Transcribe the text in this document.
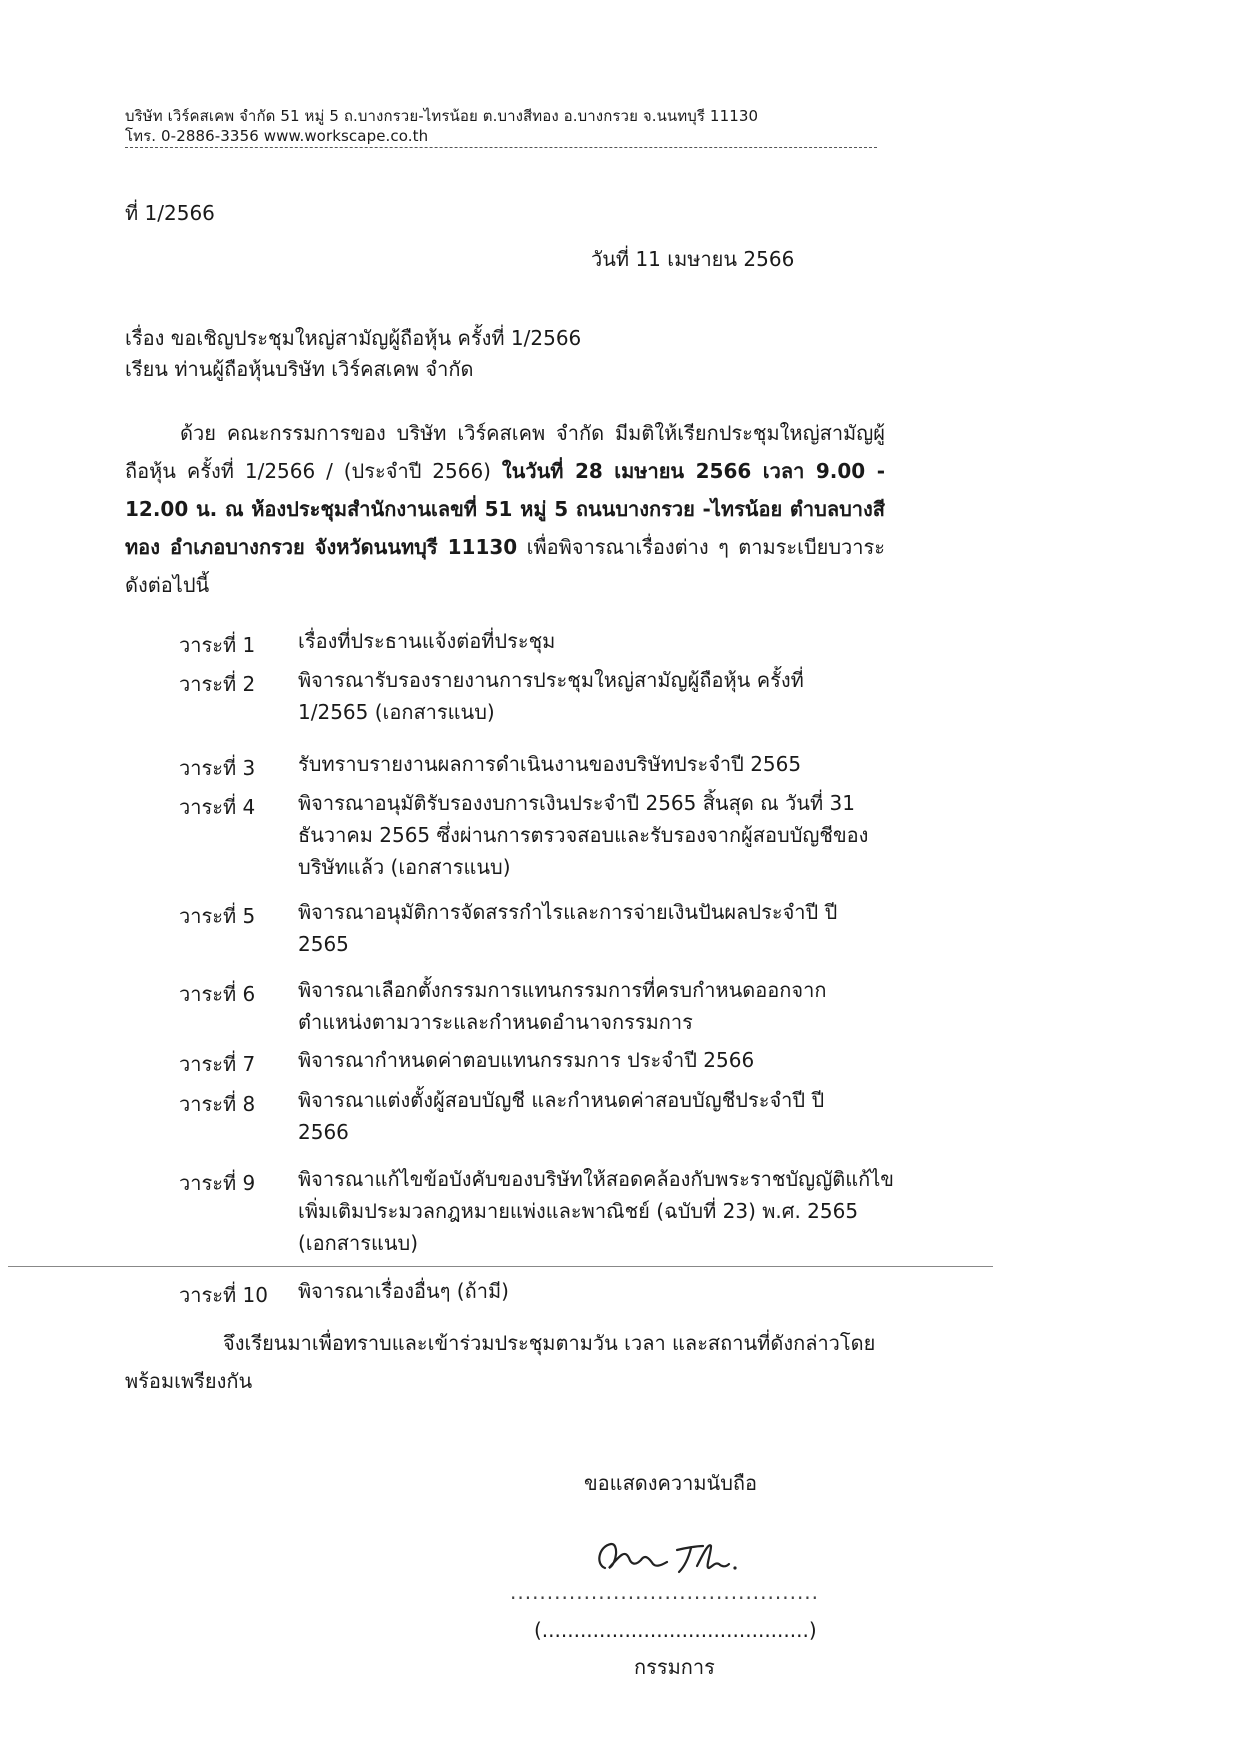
บริษัท เวิร์คสเคพ จำกัด 51 หมู่ 5 ถ.บางกรวย-ไทรน้อย ต.บางสีทอง อ.บางกรวย จ.นนทบุรี 11130
โทร. 0-2886-3356 www.workscape.co.th
ที่ 1/2566
วันที่ 11 เมษายน 2566
เรื่อง ขอเชิญประชุมใหญ่สามัญผู้ถือหุ้น ครั้งที่ 1/2566
เรียน ท่านผู้ถือหุ้นบริษัท เวิร์คสเคพ จำกัด
ด้วย คณะกรรมการของ บริษัท เวิร์คสเคพ จำกัด มีมติให้เรียกประชุมใหญ่สามัญผู้ถือหุ้น ครั้งที่ 1/2566 / (ประจำปี 2566) ในวันที่ 28 เมษายน 2566 เวลา 9.00 - 12.00 น. ณ ห้องประชุมสำนักงานเลขที่ 51 หมู่ 5 ถนนบางกรวย -ไทรน้อย ตำบลบางสีทอง อำเภอบางกรวย จังหวัดนนทบุรี 11130 เพื่อพิจารณาเรื่องต่าง ๆ ตามระเบียบวาระดังต่อไปนี้
วาระที่ 1 เรื่องที่ประธานแจ้งต่อที่ประชุม
วาระที่ 2 พิจารณารับรองรายงานการประชุมใหญ่สามัญผู้ถือหุ้น ครั้งที่ 1/2565 (เอกสารแนบ)
วาระที่ 3 รับทราบรายงานผลการดำเนินงานของบริษัทประจำปี 2565
วาระที่ 4 พิจารณาอนุมัติรับรองงบการเงินประจำปี 2565 สิ้นสุด ณ วันที่ 31 ธันวาคม 2565 ซึ่งผ่านการตรวจสอบและรับรองจากผู้สอบบัญชีของบริษัทแล้ว (เอกสารแนบ)
วาระที่ 5 พิจารณาอนุมัติการจัดสรรกำไรและการจ่ายเงินปันผลประจำปี ปี 2565
วาระที่ 6 พิจารณาเลือกตั้งกรรมการแทนกรรมการที่ครบกำหนดออกจากตำแหน่งตามวาระและกำหนดอำนาจกรรมการ
วาระที่ 7 พิจารณากำหนดค่าตอบแทนกรรมการ ประจำปี 2566
วาระที่ 8 พิจารณาแต่งตั้งผู้สอบบัญชี และกำหนดค่าสอบบัญชีประจำปี ปี 2566
วาระที่ 9 พิจารณาแก้ไขข้อบังคับของบริษัทให้สอดคล้องกับพระราชบัญญัติแก้ไขเพิ่มเติมประมวลกฎหมายแพ่งและพาณิชย์ (ฉบับที่ 23) พ.ศ. 2565 (เอกสารแนบ)
วาระที่ 10 พิจารณาเรื่องอื่นๆ (ถ้ามี)
จึงเรียนมาเพื่อทราบและเข้าร่วมประชุมตามวัน เวลา และสถานที่ดังกล่าวโดยพร้อมเพรียงกัน
ขอแสดงความนับถือ
..........................................
(..........................................)
กรรมการ
